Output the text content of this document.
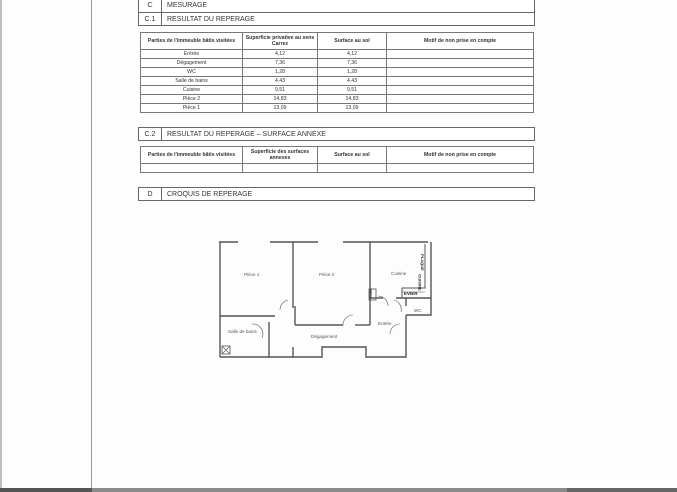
C	MESURAGE
C.1	RESULTAT DU REPERAGE
Parties de l'immeuble bâtis visitées	Superficie privative au sens Carrez	Surface au sol	Motif de non prise en compte
Entrée	4,12	4,12	
Dégagement	7,36	7,36	
WC	1,28	1,28	
Salle de bains	4,43	4,43	
Cuisine	9,51	9,51	
Pièce 2	14,83	14,83	
Pièce 1	13,09	13,09	
C.2	RESULTAT DU REPERAGE – SURFACE ANNEXE
Parties de l'immeuble bâtis visitées	Superficie des surfaces annexes	Surface au sol	Motif de non prise en compte

D	CROQUIS DE REPERAGE
Pièce 1	Pièce 2	Cuisine
Salle de bains
Dégagement
Entrée
WC
EVIER
PLAQUE
CUISINE
FRIGO
